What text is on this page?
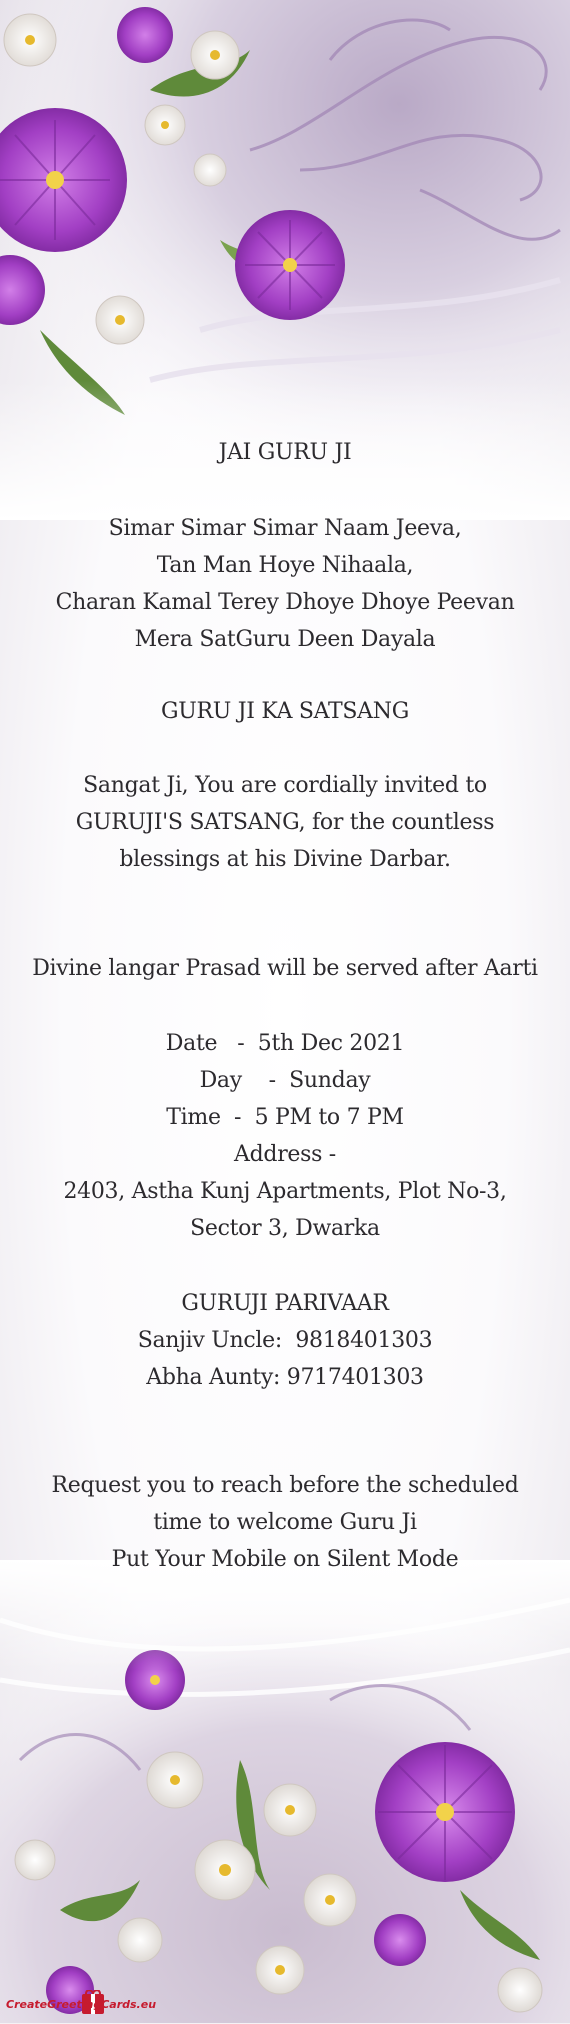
JAI GURU JI
Simar Simar Simar Naam Jeeva,
Tan Man Hoye Nihaala,
Charan Kamal Terey Dhoye Dhoye Peevan
Mera SatGuru Deen Dayala
GURU JI KA SATSANG
Sangat Ji, You are cordially invited to GURUJI'S SATSANG, for the countless blessings at his Divine Darbar.
Divine langar Prasad will be served after Aarti
Date   -  5th Dec 2021
Day    -  Sunday
Time  -  5 PM to 7 PM
Address -
2403, Astha Kunj Apartments, Plot No-3, Sector 3, Dwarka
GURUJI PARIVAAR
Sanjiv Uncle:  9818401303
Abha Aunty: 9717401303
Request you to reach before the scheduled time to welcome Guru Ji
Put Your Mobile on Silent Mode
CreateGreetingCards.eu
